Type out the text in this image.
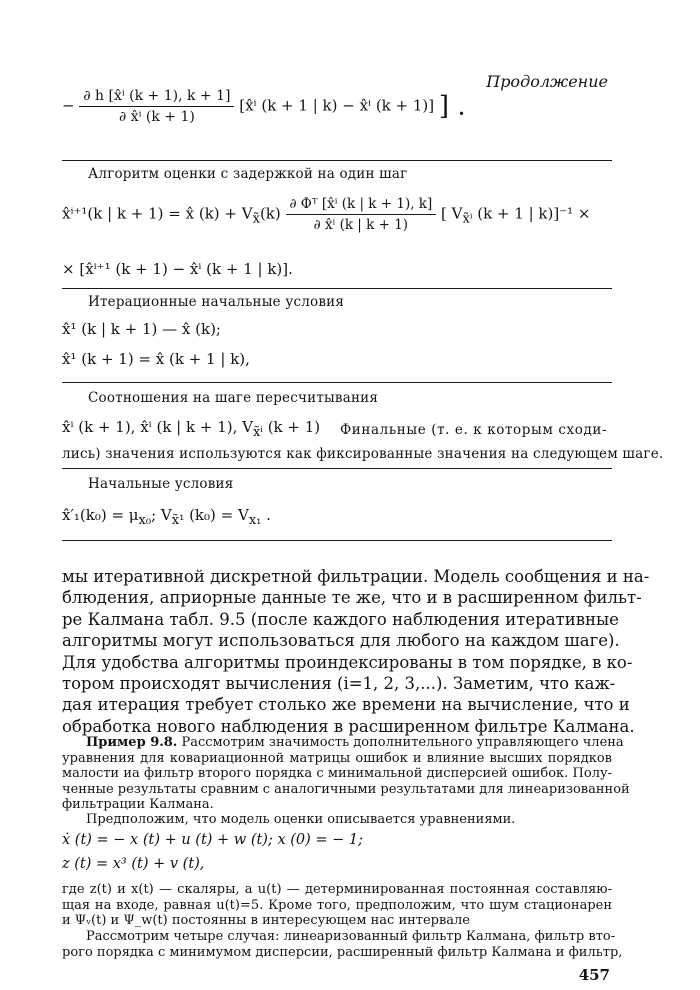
Продолжение
− $\frac{\text{∂ h [x̂ⁱ (k + 1), k + 1]}}{\text{∂ x̂ⁱ (k + 1)}}$ [x̂ⁱ (k + 1 | k) − x̂ⁱ (k + 1)] ] .
Алгоритм оценки с задержкой на один шаг
x̂ⁱ⁺¹(k | k + 1) = x̂ $(k) + V_{x̃}(k) \frac{\text{∂ Φᵀ [x̂ⁱ (k | k + 1), k]}}{\text{∂ x̂ⁱ (k | k + 1)}}$ [ $V_{x̃^i}$ (k + 1 | k)]⁻¹ ×
× [x̂ⁱ⁺¹ (k + 1) − x̂ⁱ (k + 1 | k)].
Итерационные начальные условия
x̂¹ (k | k + 1) — x̂ (k);
x̂¹ (k + 1) = x̂ (k + 1 | k),
Соотношения на шаге пересчитывания
x̂ⁱ (k + 1), x̂ⁱ (k | k + 1), $V_{x̃^i}$ (k + 1) Финальные (т. е. к которым сходи-
лись) значения используются как фиксированные значения на следующем шаге.
Начальные условия
x̂′₁(k₀) = $\mu_{x_0}$; $V_{x̃^1}$ $(k_0) = V_{x_1}$ .
мы итеративной дискретной фильтрации. Модель сообщения и на-
блюдения, априорные данные те же, что и в расширенном фильт-
ре Калмана табл. 9.5 (после каждого наблюдения итеративные
алгоритмы могут использоваться для любого на каждом шаге).
Для удобства алгоритмы проиндексированы в том порядке, в ко-
тором происходят вычисления (i=1, 2, 3,...). Заметим, что каж-
дая итерация требует столько же времени на вычисление, что и
обработка нового наблюдения в расширенном фильтре Калмана.
Пример 9.8. Рассмотрим значимость дополнительного управляющего члена
уравнения для ковариационной матрицы ошибок и влияние высших порядков
малости иа фильтр второго порядка с минимальной дисперсией ошибок. Полу-
ченные результаты сравним с аналогичными результатами для линеаризованной
фильтрации Калмана.
Предположим, что модель оценки описывается уравнениями.
ẋ (t) = − x (t) + u (t) + w (t); x (0) = − 1;
z (t) = x³ (t) + v (t),
где z(t) и x(t) — скаляры, а u(t) — детерминированная постоянная составляю-
щая на входе, равная u(t)=5. Кроме того, предположим, что шум стационарен
и Ψᵥ(t) и Ψ_w(t) постоянны в интересующем нас интервале
Рассмотрим четыре случая: линеаризованный фильтр Калмана, фильтр вто-
рого порядка с минимумом дисперсии, расширенный фильтр Калмана и фильтр,
457
